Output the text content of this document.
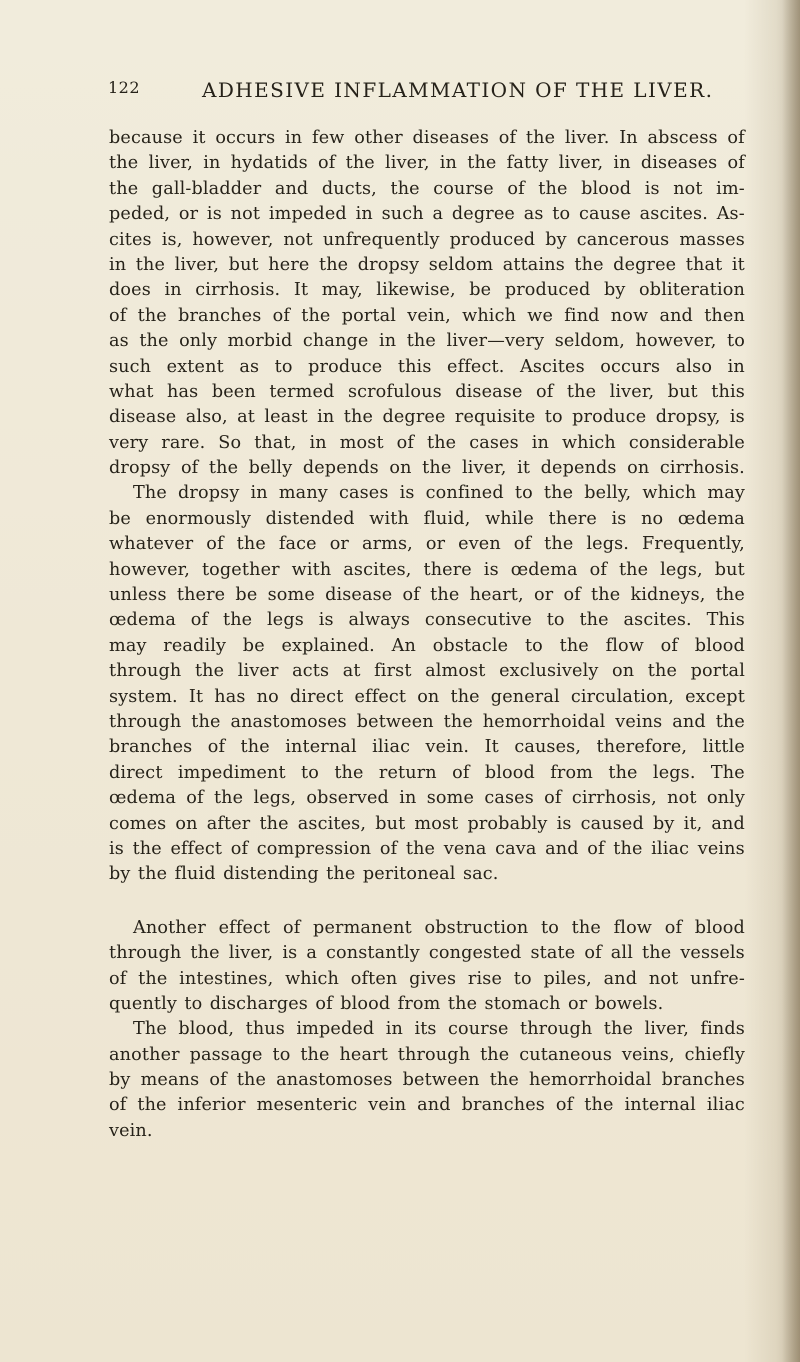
122	ADHESIVE INFLAMMATION OF THE LIVER.
because it occurs in few other diseases of the liver. In abscess of
the liver, in hydatids of the liver, in the fatty liver, in diseases of
the gall-bladder and ducts, the course of the blood is not im-
peded, or is not impeded in such a degree as to cause ascites. As-
cites is, however, not unfrequently produced by cancerous masses
in the liver, but here the dropsy seldom attains the degree that it
does in cirrhosis. It may, likewise, be produced by obliteration
of the branches of the portal vein, which we find now and then
as the only morbid change in the liver—very seldom, however, to
such extent as to produce this effect. Ascites occurs also in
what has been termed scrofulous disease of the liver, but this
disease also, at least in the degree requisite to produce dropsy, is
very rare. So that, in most of the cases in which considerable
dropsy of the belly depends on the liver, it depends on cirrhosis.
The dropsy in many cases is confined to the belly, which may
be enormously distended with fluid, while there is no œdema
whatever of the face or arms, or even of the legs. Frequently,
however, together with ascites, there is œdema of the legs, but
unless there be some disease of the heart, or of the kidneys, the
œdema of the legs is always consecutive to the ascites. This
may readily be explained. An obstacle to the flow of blood
through the liver acts at first almost exclusively on the portal
system. It has no direct effect on the general circulation, except
through the anastomoses between the hemorrhoidal veins and the
branches of the internal iliac vein. It causes, therefore, little
direct impediment to the return of blood from the legs. The
œdema of the legs, observed in some cases of cirrhosis, not only
comes on after the ascites, but most probably is caused by it, and
is the effect of compression of the vena cava and of the iliac veins
by the fluid distending the peritoneal sac.
Another effect of permanent obstruction to the flow of blood
through the liver, is a constantly congested state of all the vessels
of the intestines, which often gives rise to piles, and not unfre-
quently to discharges of blood from the stomach or bowels.
The blood, thus impeded in its course through the liver, finds
another passage to the heart through the cutaneous veins, chiefly
by means of the anastomoses between the hemorrhoidal branches
of the inferior mesenteric vein and branches of the internal iliac
vein.
